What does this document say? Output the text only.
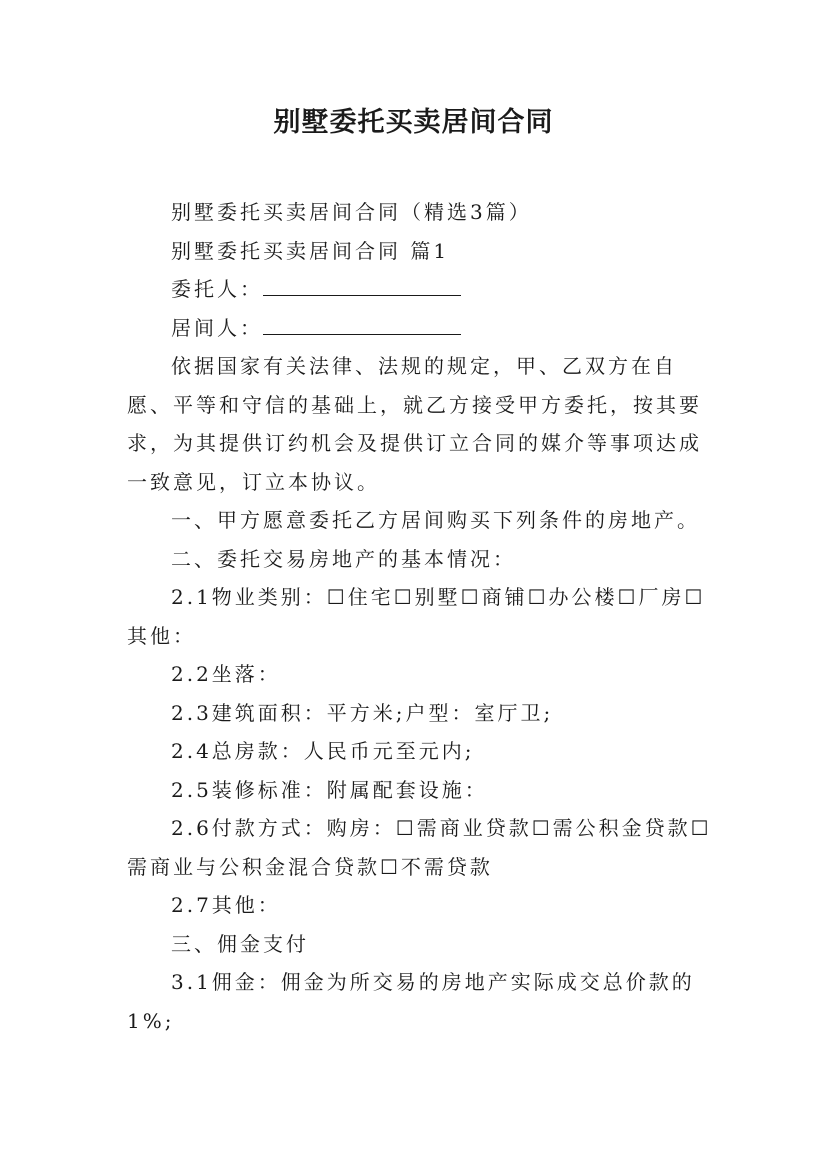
别墅委托买卖居间合同

别墅委托买卖居间合同（精选3篇）

别墅委托买卖居间合同 篇1

委托人：

居间人：

依据国家有关法律、法规的规定，甲、乙双方在自愿、平等和守信的基础上，就乙方接受甲方委托，按其要求，为其提供订约机会及提供订立合同的媒介等事项达成一致意见，订立本协议。

一、甲方愿意委托乙方居间购买下列条件的房地产。

二、委托交易房地产的基本情况：

2.1物业类别：☐住宅☐别墅☐商铺☐办公楼☐厂房☐其他：

2.2坐落：

2.3建筑面积：平方米;户型：室厅卫;

2.4总房款：人民币元至元内;

2.5装修标准：附属配套设施：

2.6付款方式：购房：☐需商业贷款☐需公积金贷款☐需商业与公积金混合贷款☐不需贷款

2.7其他：

三、佣金支付

3.1佣金：佣金为所交易的房地产实际成交总价款的1%;
